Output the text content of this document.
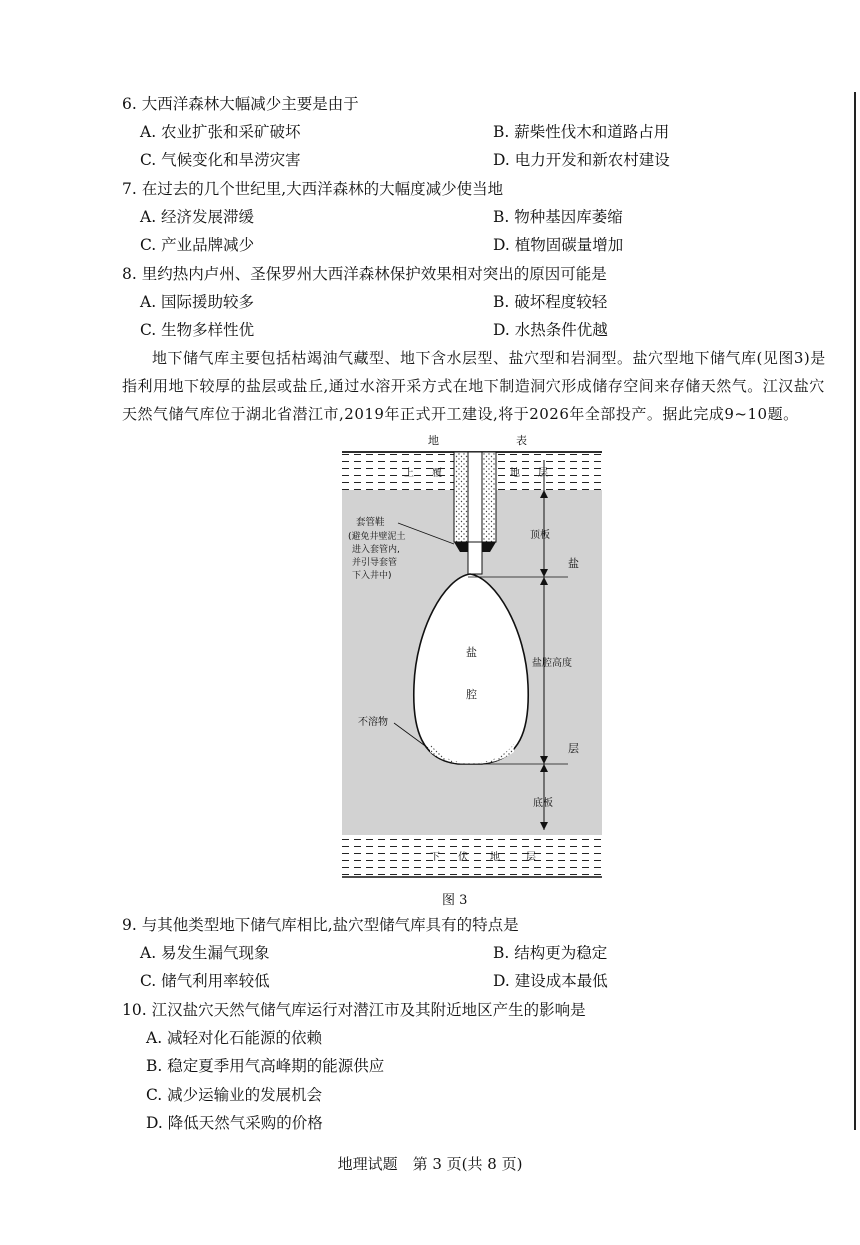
6. 大西洋森林大幅减少主要是由于
A. 农业扩张和采矿破坏	B. 薪柴性伐木和道路占用
C. 气候变化和旱涝灾害	D. 电力开发和新农村建设
7. 在过去的几个世纪里,大西洋森林的大幅度减少使当地
A. 经济发展滞缓	B. 物种基因库萎缩
C. 产业品牌减少	D. 植物固碳量增加
8. 里约热内卢州、圣保罗州大西洋森林保护效果相对突出的原因可能是
A. 国际援助较多	B. 破坏程度较轻
C. 生物多样性优	D. 水热条件优越
地下储气库主要包括枯竭油气藏型、地下含水层型、盐穴型和岩洞型。盐穴型地下储气库(见图3)是指利用地下较厚的盐层或盐丘,通过水溶开采方式在地下制造洞穴形成储存空间来存储天然气。江汉盐穴天然气储气库位于湖北省潜江市,2019年正式开工建设,将于2026年全部投产。据此完成9~10题。
地	表
上 覆	地 层
顶板
盐
盐腔高度
层
底板
盐
腔
不溶物
套管鞋
(避免井壁泥土
进入套管内,
并引导套管
下入井中)
下 伏 地	层
图 3
9. 与其他类型地下储气库相比,盐穴型储气库具有的特点是
A. 易发生漏气现象	B. 结构更为稳定
C. 储气利用率较低	D. 建设成本最低
10. 江汉盐穴天然气储气库运行对潜江市及其附近地区产生的影响是
A. 减轻对化石能源的依赖
B. 稳定夏季用气高峰期的能源供应
C. 减少运输业的发展机会
D. 降低天然气采购的价格
地理试题　第 3 页(共 8 页)
